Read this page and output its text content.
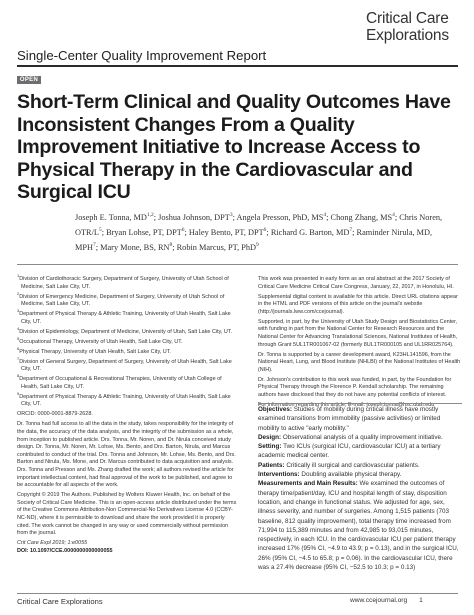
Single-Center Quality Improvement Report
Critical Care
Explorations
OPEN
Short-Term Clinical and Quality Outcomes Have Inconsistent Changes From a Quality Improvement Initiative to Increase Access to Physical Therapy in the Cardiovascular and Surgical ICU
Joseph E. Tonna, MD$^{1,2}$; Joshua Johnson, DPT$^3$; Angela Presson, PhD, $MS^4$; Chong Zhang, $MS^4$; Chris Noren, OTR/$L^5$; Bryan Lohse, PT, DPT$^6$; Haley Bento, PT, DPT$^6$; Richard G. Barton, $MD^7$; Raminder Nirula, MD, MPH$^7$; Mary Mone, BS, $RN^8$; Robin Marcus, PT, PhD$^9$

$^1$Division of Cardiothoracic Surgery, Department of Surgery, University of Utah School of Medicine, Salt Lake City, UT.

$^2$Division of Emergency Medicine, Department of Surgery, University of Utah School of Medicine, Salt Lake City, UT.

$^3$Department of Physical Therapy & Athletic Training, University of Utah Health, Salt Lake City, UT.

$^4$Division of Epidemiology, Department of Medicine, University of Utah, Salt Lake City, UT.

$^5$Occupational Therapy, University of Utah Health, Salt Lake City, UT.

$^6$Physical Therapy, University of Utah Health, Salt Lake City, UT.

$^7$Division of General Surgery, Department of Surgery, University of Utah Health, Salt Lake City, UT.

$^8$Department of Occupational & Recreational Therapies, University of Utah College of Health, Salt Lake City, UT.

$^9$Department of Physical Therapy & Athletic Training, University of Utah Health, Salt Lake City, UT.

ORCID: 0000-0001-8879-2628.

Dr. Tonna had full access to all the data in the study, takes responsibility for the integrity of the data, the accuracy of the data analysis, and the integrity of the submission as a whole, from inception to published article. Drs. Tonna, Mr. Noren, and Dr. Nirula conceived study design. Dr. Tonna, Mr. Noren, Mr. Lohse, Ms. Bento, and Drs. Barton, Nirula, and Marcus contributed to conduct of the trial. Drs. Tonna and Johnson, Mr. Lohse, Ms. Bento, and Drs. Barton and Nirula, Ms. Mone, and Dr. Marcus contributed to data acquisition and analysis. Drs. Tonna and Presson and Ms. Zhang drafted the work; all authors revised the article for important intellectual content, had final approval of the work to be published, and agree to be accountable for all aspects of the work.

Copyright © 2019 The Authors. Published by Wolters Kluwer Health, Inc. on behalf of the Society of Critical Care Medicine. This is an open-access article distributed under the terms of the Creative Commons Attribution-Non Commercial-No Derivatives License 4.0 (CCBY-NC-ND), where it is permissible to download and share the work provided it is properly cited. The work cannot be changed in any way or used commercially without permission from the journal.

Crit Care Expl 2019; 1:e0055

DOI: 10.1097/CCE.0000000000000055

This work was presented in early form as an oral abstract at the 2017 Society of Critical Care Medicine Critical Care Congress, January, 22, 2017, in Honolulu, HI.

Supplemental digital content is available for this article. Direct URL citations appear in the HTML and PDF versions of this article on the journal's website (http://journals.lww.com/ccejournal).

Supported, in part, by the University of Utah Study Design and Biostatistics Center, with funding in part from the National Center for Research Resources and the National Center for Advancing Translational Sciences, National Institutes of Health, through Grant 5UL1TR001067-02 (formerly 8UL1TR000105 and UL1RR025764).

Dr. Tonna is supported by a career development award, K23HL141596, from the National Heart, Lung, and Blood Institute (NHLBI) of the National Institutes of Health (NIH).

Dr. Johnson's contribution to this work was funded, in part, by the Foundation for Physical Therapy through the Florence P. Kendall scholarship. The remaining authors have disclosed that they do not have any potential conflicts of interest.

For information regarding this article, E-mail: joseph.tonna@hsc.utah.edu

Objectives: Studies of mobility during critical illness have mostly examined transitions from immobility (passive activities) or limited mobility to active "early mobility."

Design: Observational analysis of a quality improvement initiative.

Setting: Two ICUs (surgical ICU, cardiovascular ICU) at a tertiary academic medical center.

Patients: Critically ill surgical and cardiovascular patients.

Interventions: Doubling available physical therapy.

Measurements and Main Results: We examined the outcomes of therapy time/patient/day, ICU and hospital length of stay, disposition location, and change in functional status. We adjusted for age, sex, illness severity, and number of surgeries. Among 1,515 patients (703 baseline, 812 quality improvement), total therapy time increased from 71,994 to 115,389 minutes and from 42,985 to 93,015 minutes, respectively, in each ICU. In the cardiovascular ICU per patient therapy increased 17% (95% CI, −4.9 to 43.9; p = 0.13), and in the surgical ICU, 26% (95% CI, −4.5 to 65.8; p = 0.06). In the cardiovascular ICU, there was a 27.4% decrease (95% CI, −52.5 to 10.3; p = 0.13)

Critical Care Explorations	www.ccejournal.org 1
